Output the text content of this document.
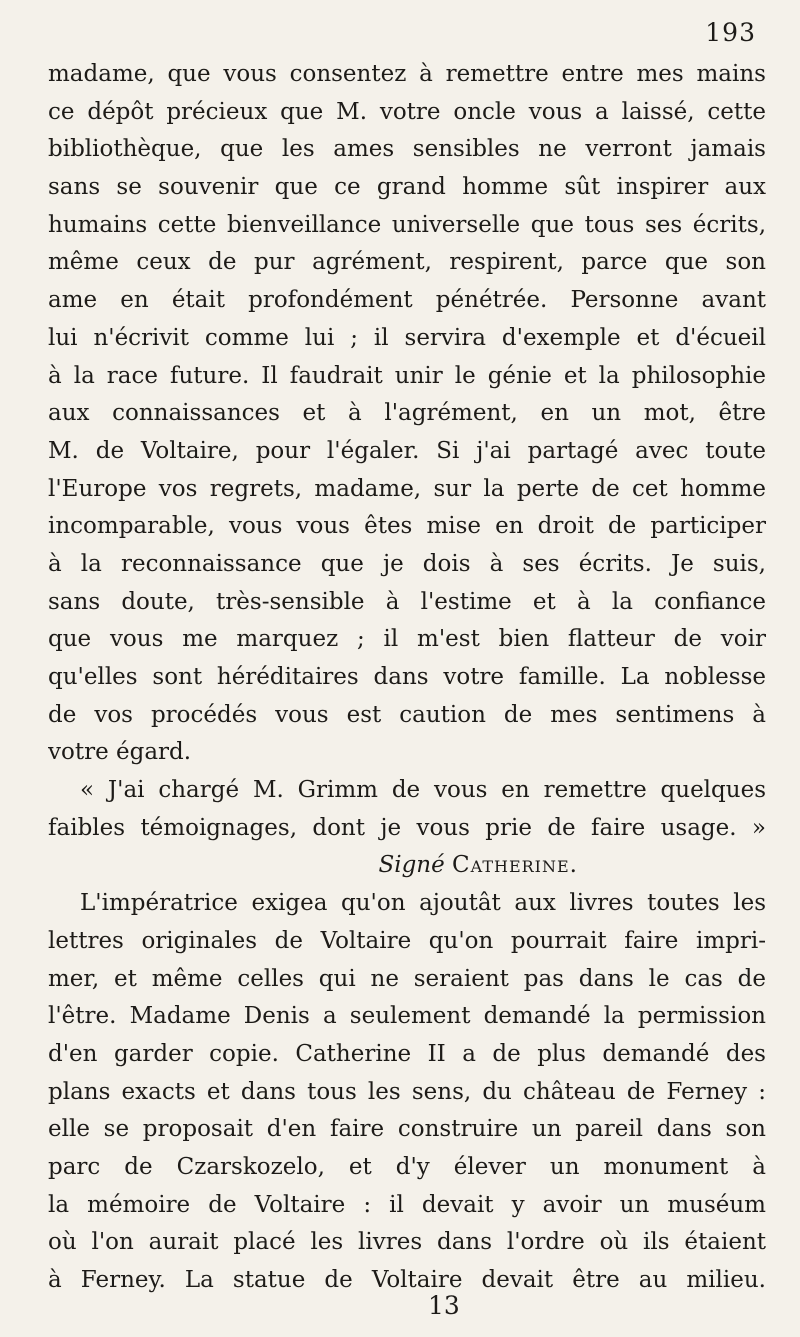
193
madame, que vous consentez à remettre entre mes mains
ce dépôt précieux que M. votre oncle vous a laissé, cette
bibliothèque, que les ames sensibles ne verront jamais
sans se souvenir que ce grand homme sût inspirer aux
humains cette bienveillance universelle que tous ses écrits,
même ceux de pur agrément, respirent, parce que son
ame en était profondément pénétrée. Personne avant
lui n'écrivit comme lui ; il servira d'exemple et d'écueil
à la race future. Il faudrait unir le génie et la philosophie
aux connaissances et à l'agrément, en un mot, être
M. de Voltaire, pour l'égaler. Si j'ai partagé avec toute
l'Europe vos regrets, madame, sur la perte de cet homme
incomparable, vous vous êtes mise en droit de participer
à la reconnaissance que je dois à ses écrits. Je suis,
sans doute, très-sensible à l'estime et à la confiance
que vous me marquez ; il m'est bien flatteur de voir
qu'elles sont héréditaires dans votre famille. La noblesse
de vos procédés vous est caution de mes sentimens à
votre égard.
« J'ai chargé M. Grimm de vous en remettre quelques
faibles témoignages, dont je vous prie de faire usage. »
Signé Catherine.
L'impératrice exigea qu'on ajoutât aux livres toutes les
lettres originales de Voltaire qu'on pourrait faire impri-
mer, et même celles qui ne seraient pas dans le cas de
l'être. Madame Denis a seulement demandé la permission
d'en garder copie. Catherine II a de plus demandé des
plans exacts et dans tous les sens, du château de Ferney :
elle se proposait d'en faire construire un pareil dans son
parc de Czarskozelo, et d'y élever un monument à
la mémoire de Voltaire : il devait y avoir un muséum
où l'on aurait placé les livres dans l'ordre où ils étaient
à Ferney. La statue de Voltaire devait être au milieu.
13
